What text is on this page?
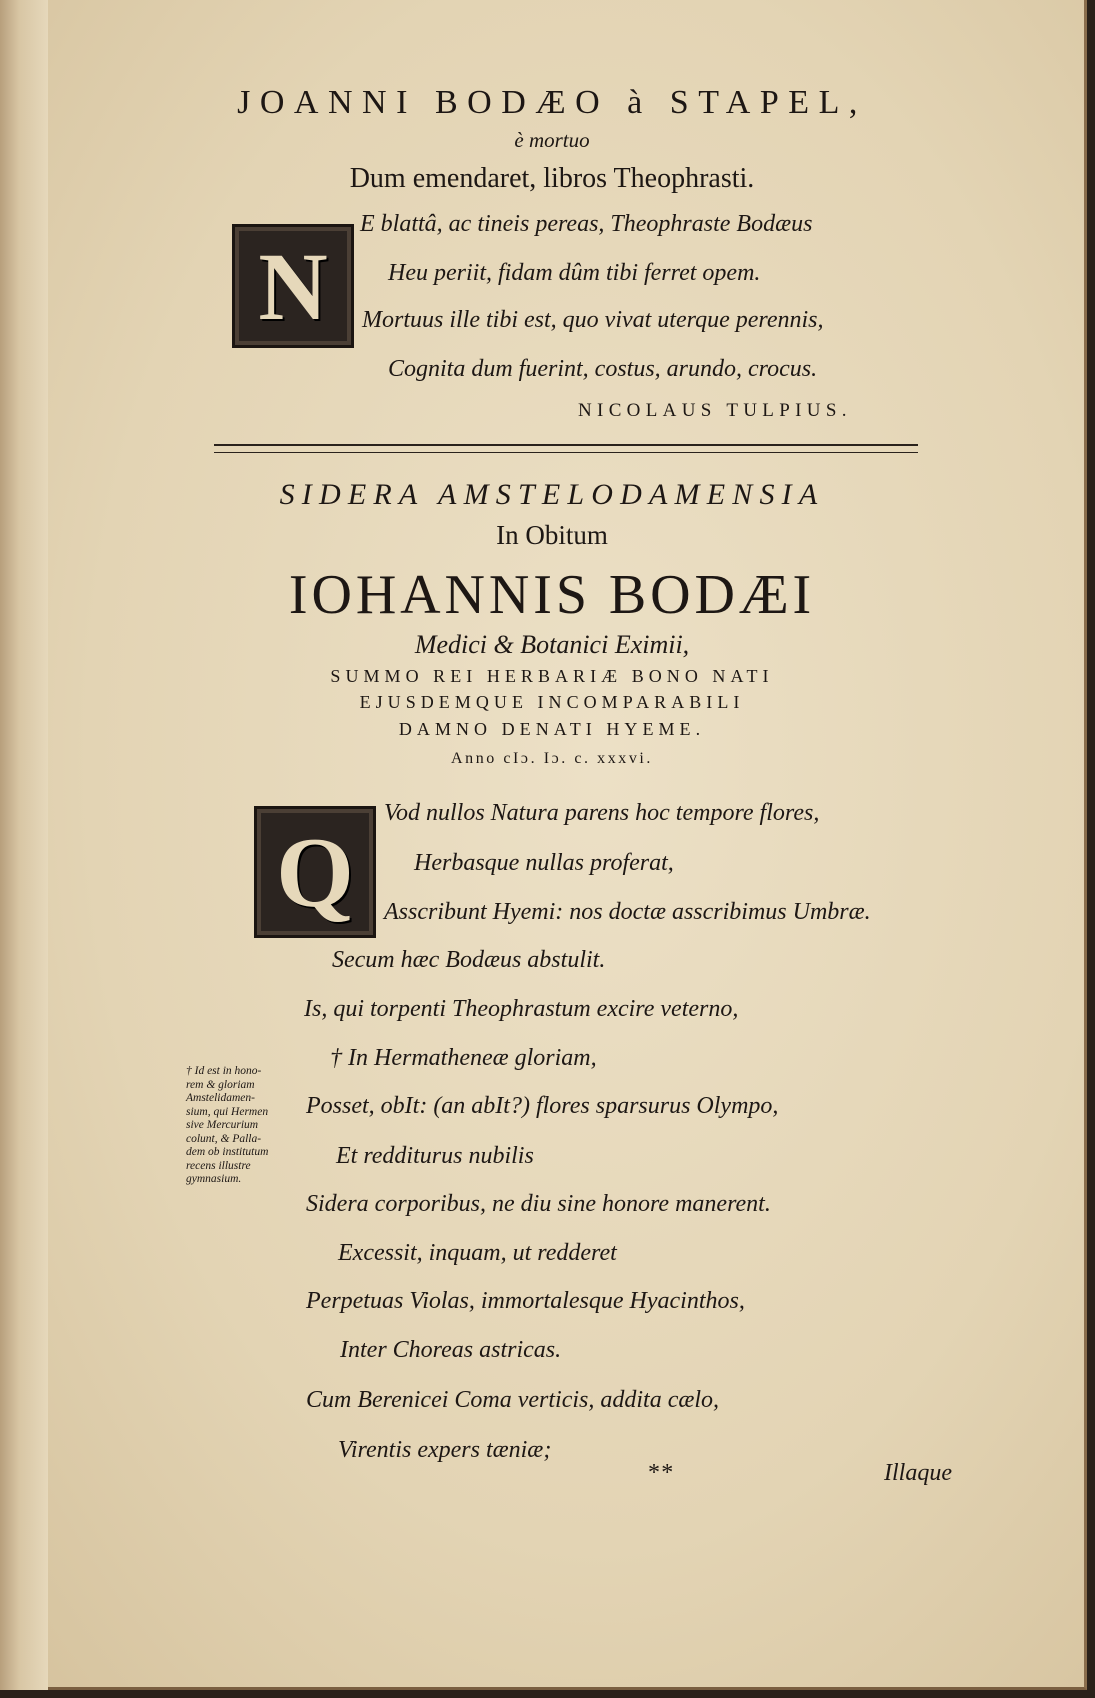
JOANNI BODÆO à STAPEL,
è mortuo
Dum emendaret, libros Theophrasti.
N
E blattâ, ac tineis pereas, Theophraste Bodæus
Heu periit, fidam dûm tibi ferret opem.
Mortuus ille tibi est, quo vivat uterque perennis,
Cognita dum fuerint, costus, arundo, crocus.
NICOLAUS TULPIUS.
SIDERA AMSTELODAMENSIA
In Obitum
IOHANNIS BODÆI
Medici & Botanici Eximii,
SUMMO REI HERBARIÆ BONO NATI
EJUSDEMQUE INCOMPARABILI
DAMNO DENATI HYEME.
Anno cIɔ. Iɔ. c. xxxvi.
Q
Vod nullos Natura parens hoc tempore flores,
Herbasque nullas proferat,
Asscribunt Hyemi: nos doctæ asscribimus Umbræ.
Secum hæc Bodæus abstulit.
Is, qui torpenti Theophrastum excire veterno,
† In Hermatheneæ gloriam,
Posset, obIt: (an abIt?) flores sparsurus Olympo,
Et redditurus nubilis
Sidera corporibus, ne diu sine honore manerent.
Excessit, inquam, ut redderet
Perpetuas Violas, immortalesque Hyacinthos,
Inter Choreas astricas.
Cum Berenicei Coma verticis, addita cælo,
Virentis expers tæniæ;
† Id est in hono-
rem & gloriam
Amstelidamen-
sium, qui Hermen
sive Mercurium
colunt, & Palla-
dem ob institutum
recens illustre
gymnasium.
**	Illaque
